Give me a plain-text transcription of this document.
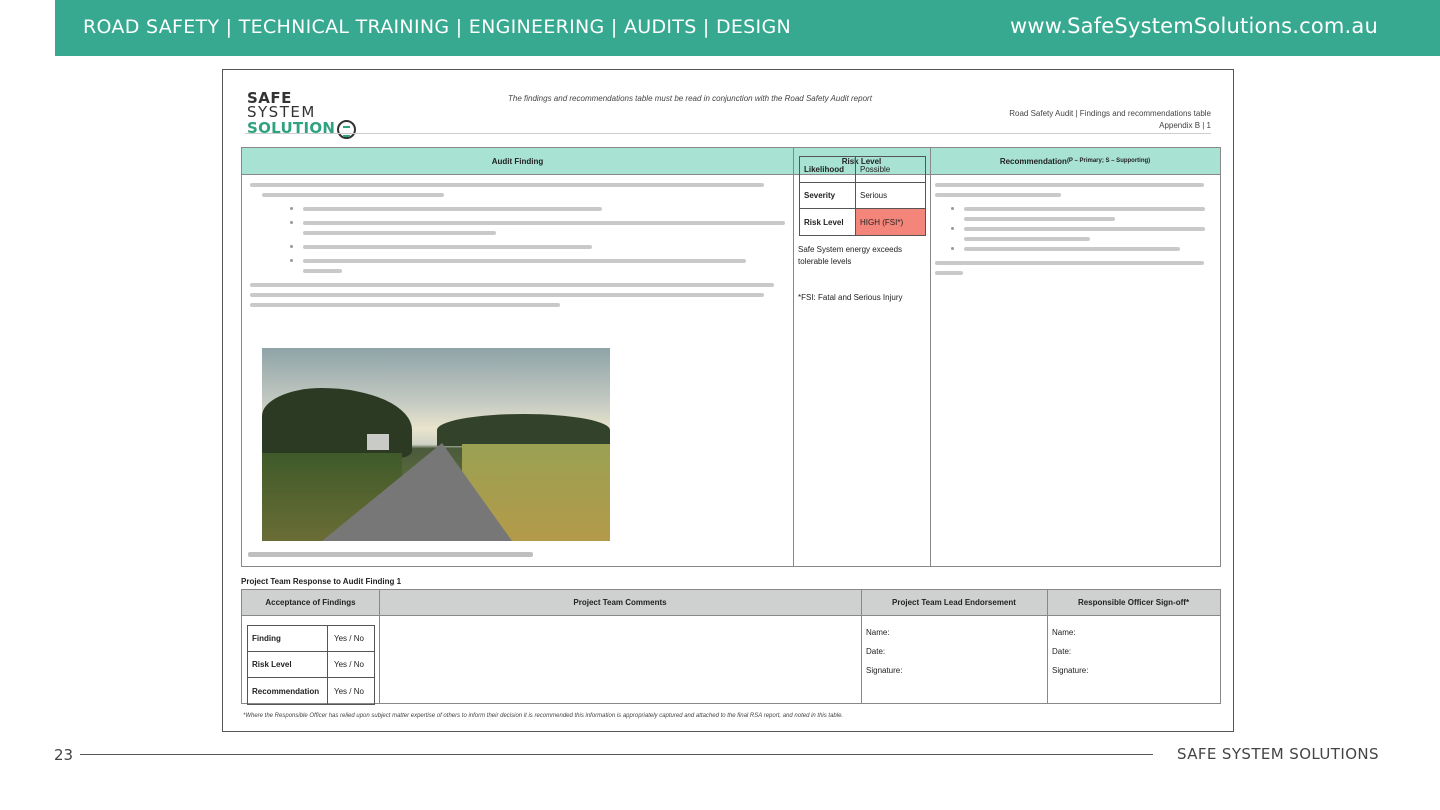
ROAD SAFETY | TECHNICAL TRAINING | ENGINEERING | AUDITS | DESIGN	www.SafeSystemSolutions.com.au
SAFE
SYSTEM
SOLUTION
The findings and recommendations table must be read in conjunction with the Road Safety Audit report
Road Safety Audit | Findings and recommendations table
Appendix B | 1
Audit Finding	Risk Level	Recommendation (P – Primary; S – Supporting)
Likelihood	Possible
Severity	Serious
Risk Level	HIGH (FSI*)
Safe System energy exceeds tolerable levels
*FSI: Fatal and Serious Injury
Project Team Response to Audit Finding 1
Acceptance of Findings	Project Team Comments	Project Team Lead Endorsement	Responsible Officer Sign-off*
Finding	Yes / No
Risk Level	Yes / No
Recommendation	Yes / No
Name:
Date:
Signature:
Name:
Date:
Signature:
*Where the Responsible Officer has relied upon subject matter expertise of others to inform their decision it is recommended this information is appropriately captured and attached to the final RSA report, and noted in this table.
23	SAFE SYSTEM SOLUTIONS
